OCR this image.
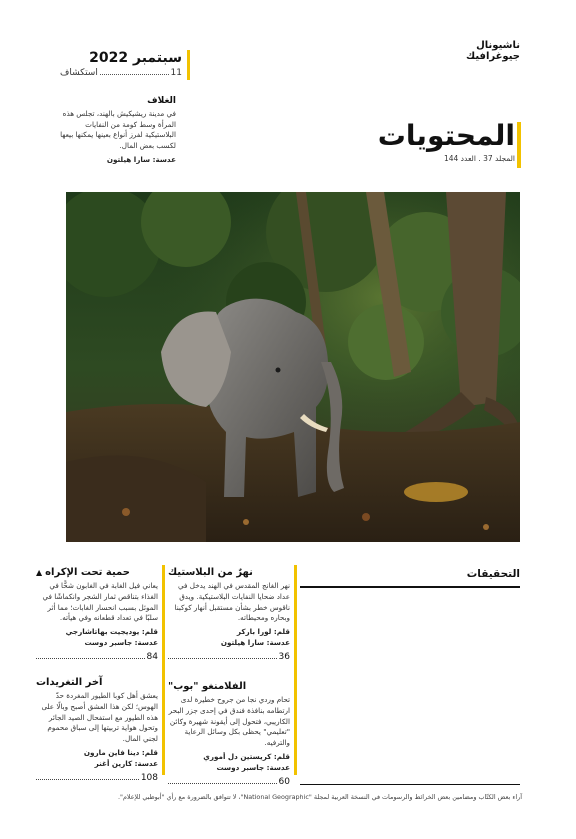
ناشيونال جيوغرافيك
سبتمبر 2022
استكشاف	11
الغلاف
في مدينة ريشيكيش بالهند، تجلس هذه المرأة وسط كومة من النفايات البلاستيكية لفرز أنواع بعينها يمكنها بيعها لكسب بعض المال.
عدسة: سارا هيلتون
المحتويات
المجلد 37 . العدد 144
التحقيقات
نهرٌ من البلاستيك
نهر الغانج المقدس في الهند يدخل في عداد ضحايا النفايات البلاستيكية. ويدق ناقوس خطر بشأن مستقبل أنهار كوكبنا وبحاره ومحيطاته.
قلم: لورا باركر
عدسة: سارا هيلتون
36
الفلامنغو "بوب"
تحام وردي نجا من جروح خطيرة لدى ارتطامه بنافذة فندق في إحدى جزر البحر الكاريبي، فتحول إلى أيقونة شهيرة وكائن "تعليمي" يحظى بكل وسائل الرعاية والترفيه.
قلم: كريستين دل أموري
عدسة: جاسبر دوست
60
▲ حمية تحت الإكراه
يعاني فيل الغابة في الغابون شحًّا في الغذاء بتناقص ثمار الشجر وانكماشًا في الموئل بسبب انحسار الغابات؛ مما أثر سلبًا في تعداد قطعانه وفي هيأته.
قلم: يوديجيت بهاتاشارجي
عدسة: جاسبر دوست
84
آخر التغريدات
يعشق أهل كوبا الطيور المغردة حدّ الهوس؛ لكن هذا العشق أصبح وبالًا على هذه الطيور مع استفحال الصيد الجائر وتحول هواية تربيتها إلى سباق محموم لجني المال.
قلم: دينا فاين مارون
عدسة: كارين أغنر
108
آراء بعض الكتّاب ومضامين بعض الخرائط والرسومات في النسخة العربية لمجلة "National Geographic"، لا تتوافق بالضرورة مع رأي "أبوظبي للإعلام".
